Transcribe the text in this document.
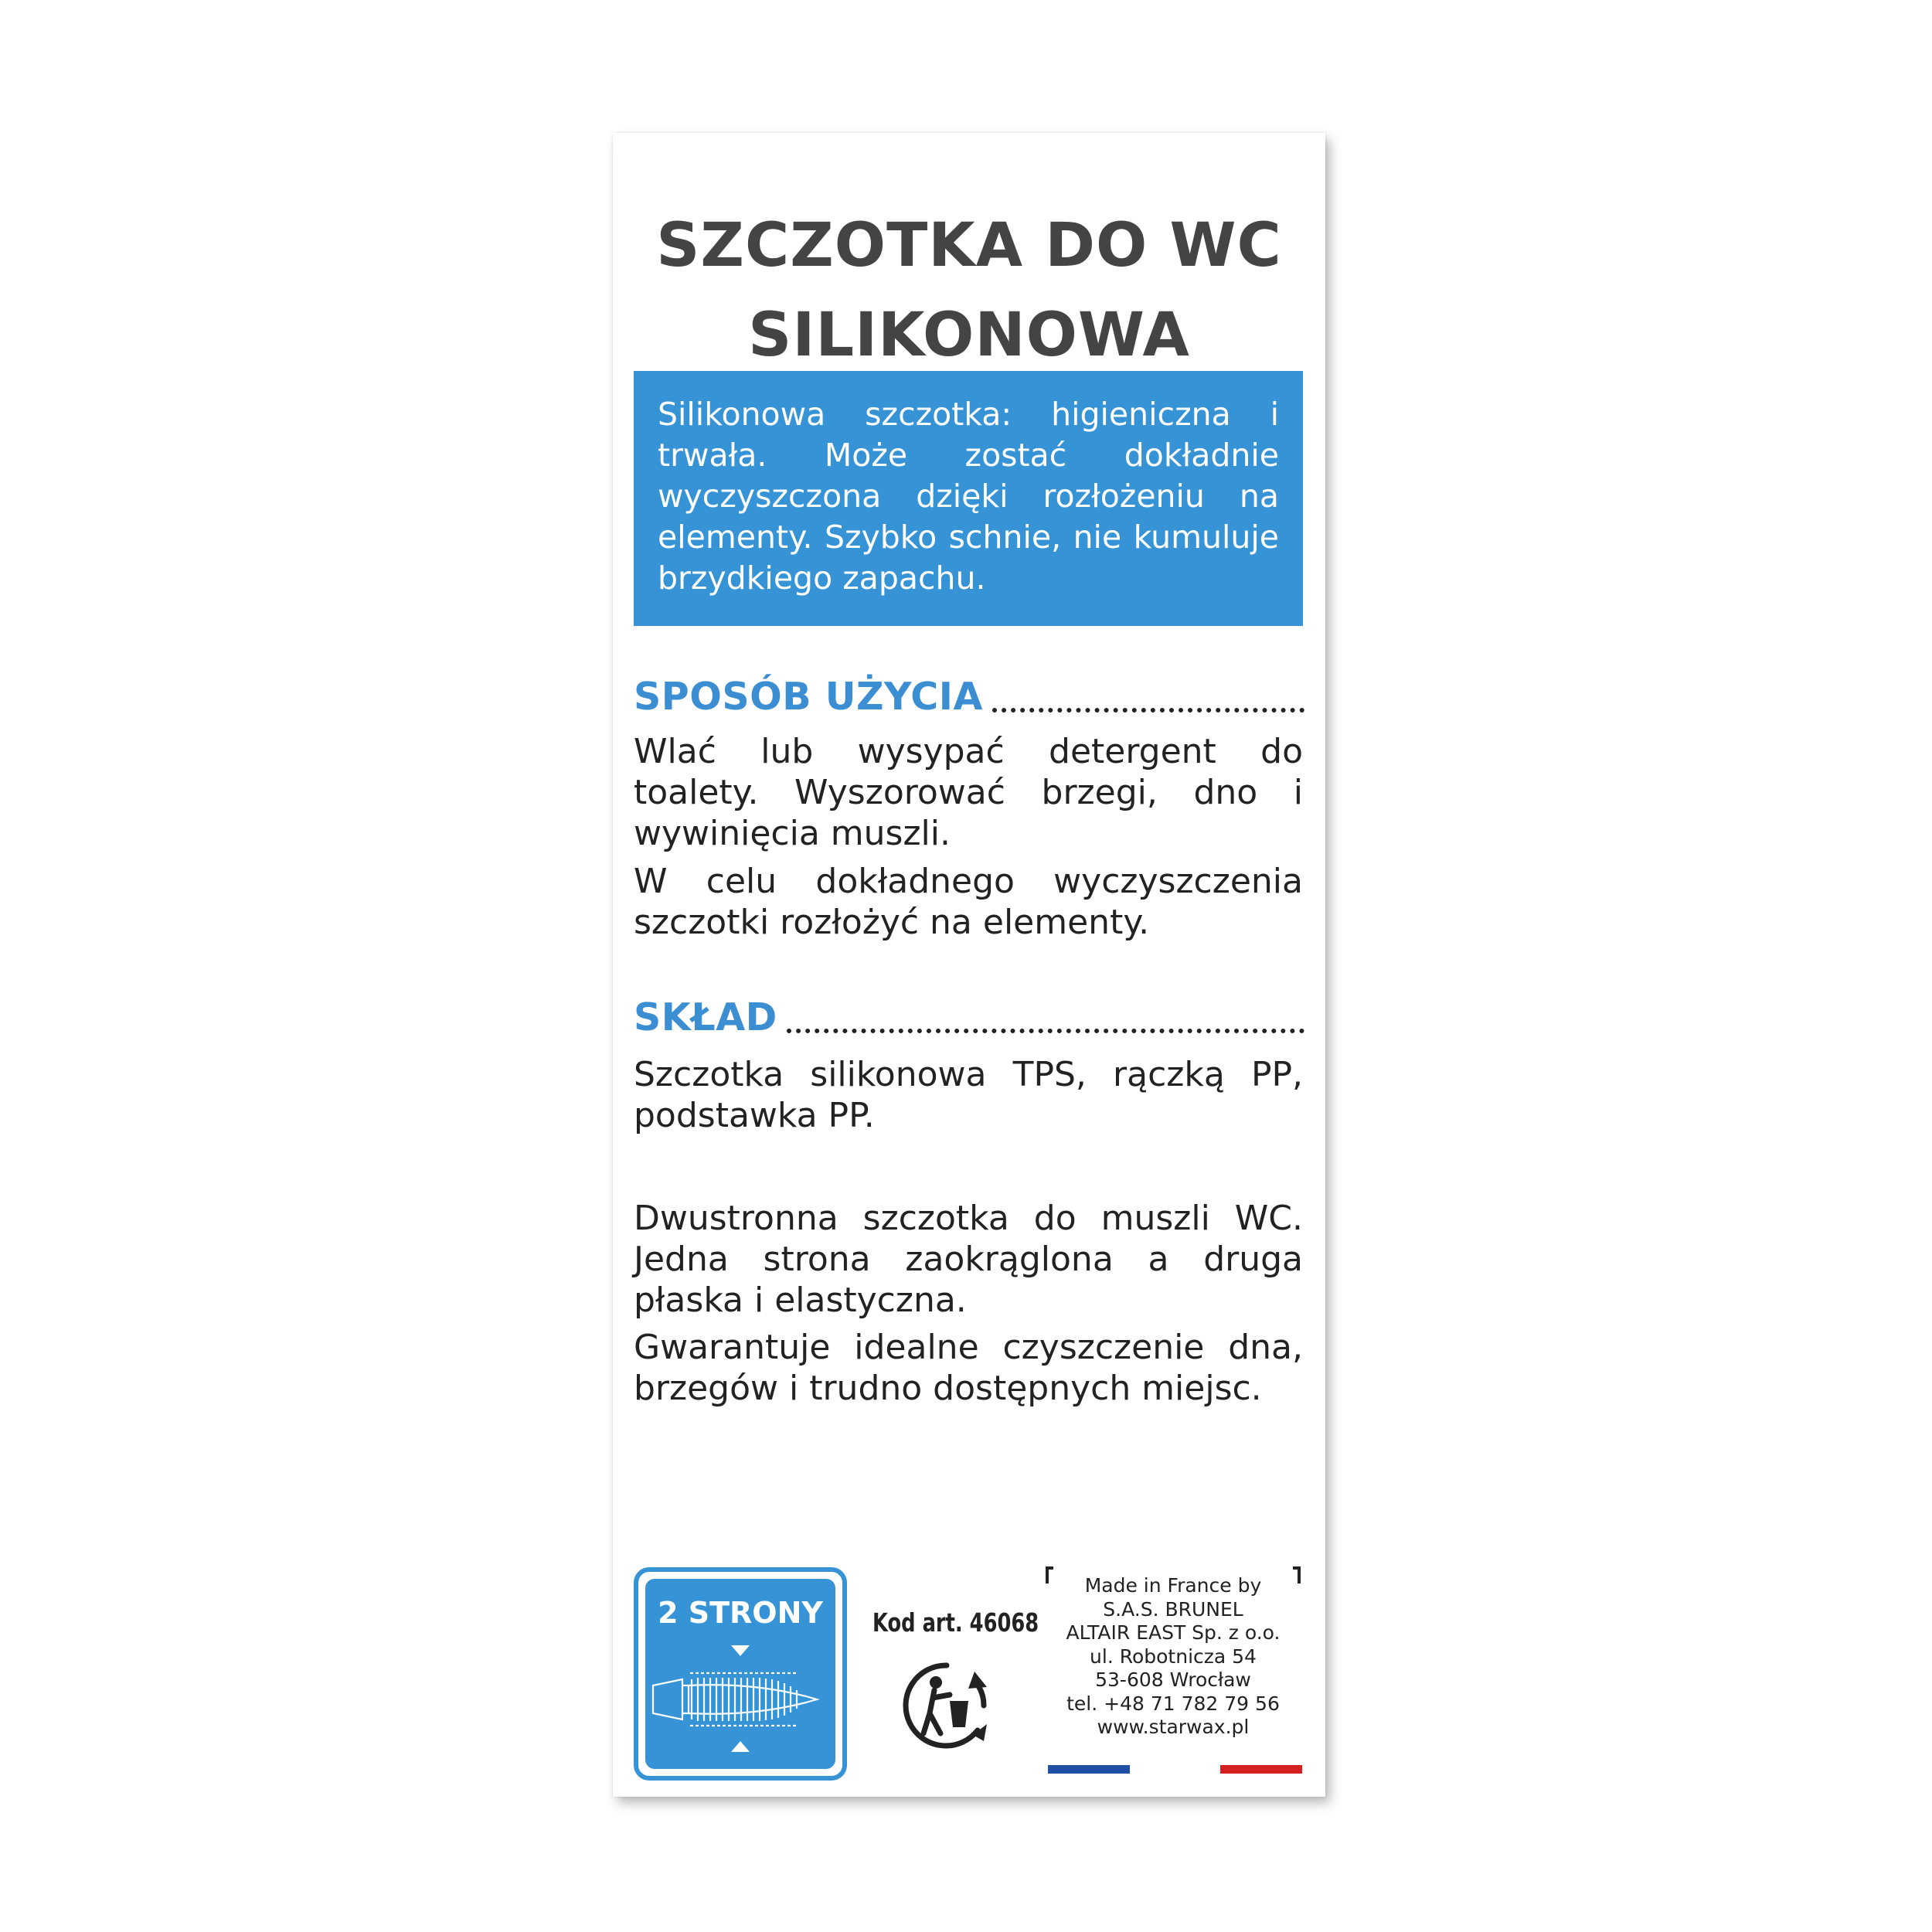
SZCZOTKA DO WC
SILIKONOWA

Silikonowa szczotka: higieniczna i trwała. Może zostać dokładnie wyczyszczona dzięki rozłożeniu na elementy. Szybko schnie, nie kumuluje brzydkiego zapachu.

SPOSÓB UŻYCIA

Wlać lub wysypać detergent do toalety. Wyszorować brzegi, dno i wywinięcia muszli.

W celu dokładnego wyczyszczenia szczotki rozłożyć na elementy.

SKŁAD

Szczotka silikonowa TPS, rączką PP, podstawka PP.

Dwustronna szczotka do muszli WC. Jedna strona zaokrąglona a druga płaska i elastyczna.

Gwarantuje idealne czyszczenie dna, brzegów i trudno dostępnych miejsc.

2 STRONY	Kod art. 46068
Made in France by
S.A.S. BRUNEL
ALTAIR EAST Sp. z o.o.
ul. Robotnicza 54
53-608 Wrocław
tel. +48 71 782 79 56
www.starwax.pl
